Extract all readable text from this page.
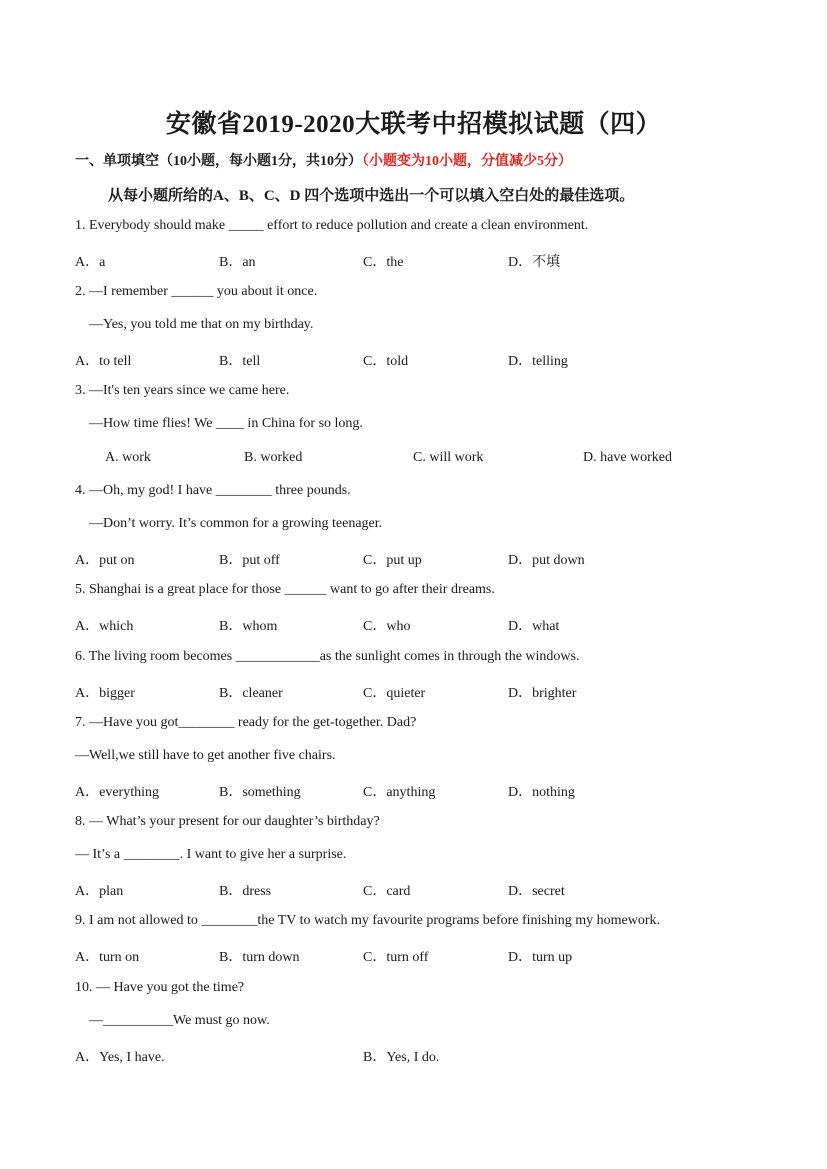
安徽省2019-2020大联考中招模拟试题（四）
一、单项填空（10小题，每小题1分，共10分）（小题变为10小题，分值减少5分）
从每小题所给的A、B、C、D 四个选项中选出一个可以填入空白处的最佳选项。
1. Everybody should make _____ effort to reduce pollution and create a clean environment.
A．a	B．an	C．the	D．不填
2. —I remember ______ you about it once.
—Yes, you told me that on my birthday.
A．to tell	B．tell	C．told	D．telling
3. —It's ten years since we came here.
—How time flies! We ____ in China for so long.
A. work	B. worked	C. will work	D. have worked
4. —Oh, my god! I have ________ three pounds.
—Don’t worry. It’s common for a growing teenager.
A．put on	B．put off	C．put up	D．put down
5. Shanghai is a great place for those ______ want to go after their dreams.
A．which	B．whom	C．who	D．what
6. The living room becomes ____________as the sunlight comes in through the windows.
A．bigger	B．cleaner	C．quieter	D．brighter
7. —Have you got________ ready for the get-together. Dad?
—Well,we still have to get another five chairs.
A．everything	B．something	C．anything	D．nothing
8. — What’s your present for our daughter’s birthday?
— It’s a ________. I want to give her a surprise.
A．plan	B．dress	C．card	D．secret
9. I am not allowed to ________the TV to watch my favourite programs before finishing my homework.
A．turn on	B．turn down	C．turn off	D．turn up
10. — Have you got the time?
—__________We must go now.
A．Yes, I have.	B．Yes, I do.
